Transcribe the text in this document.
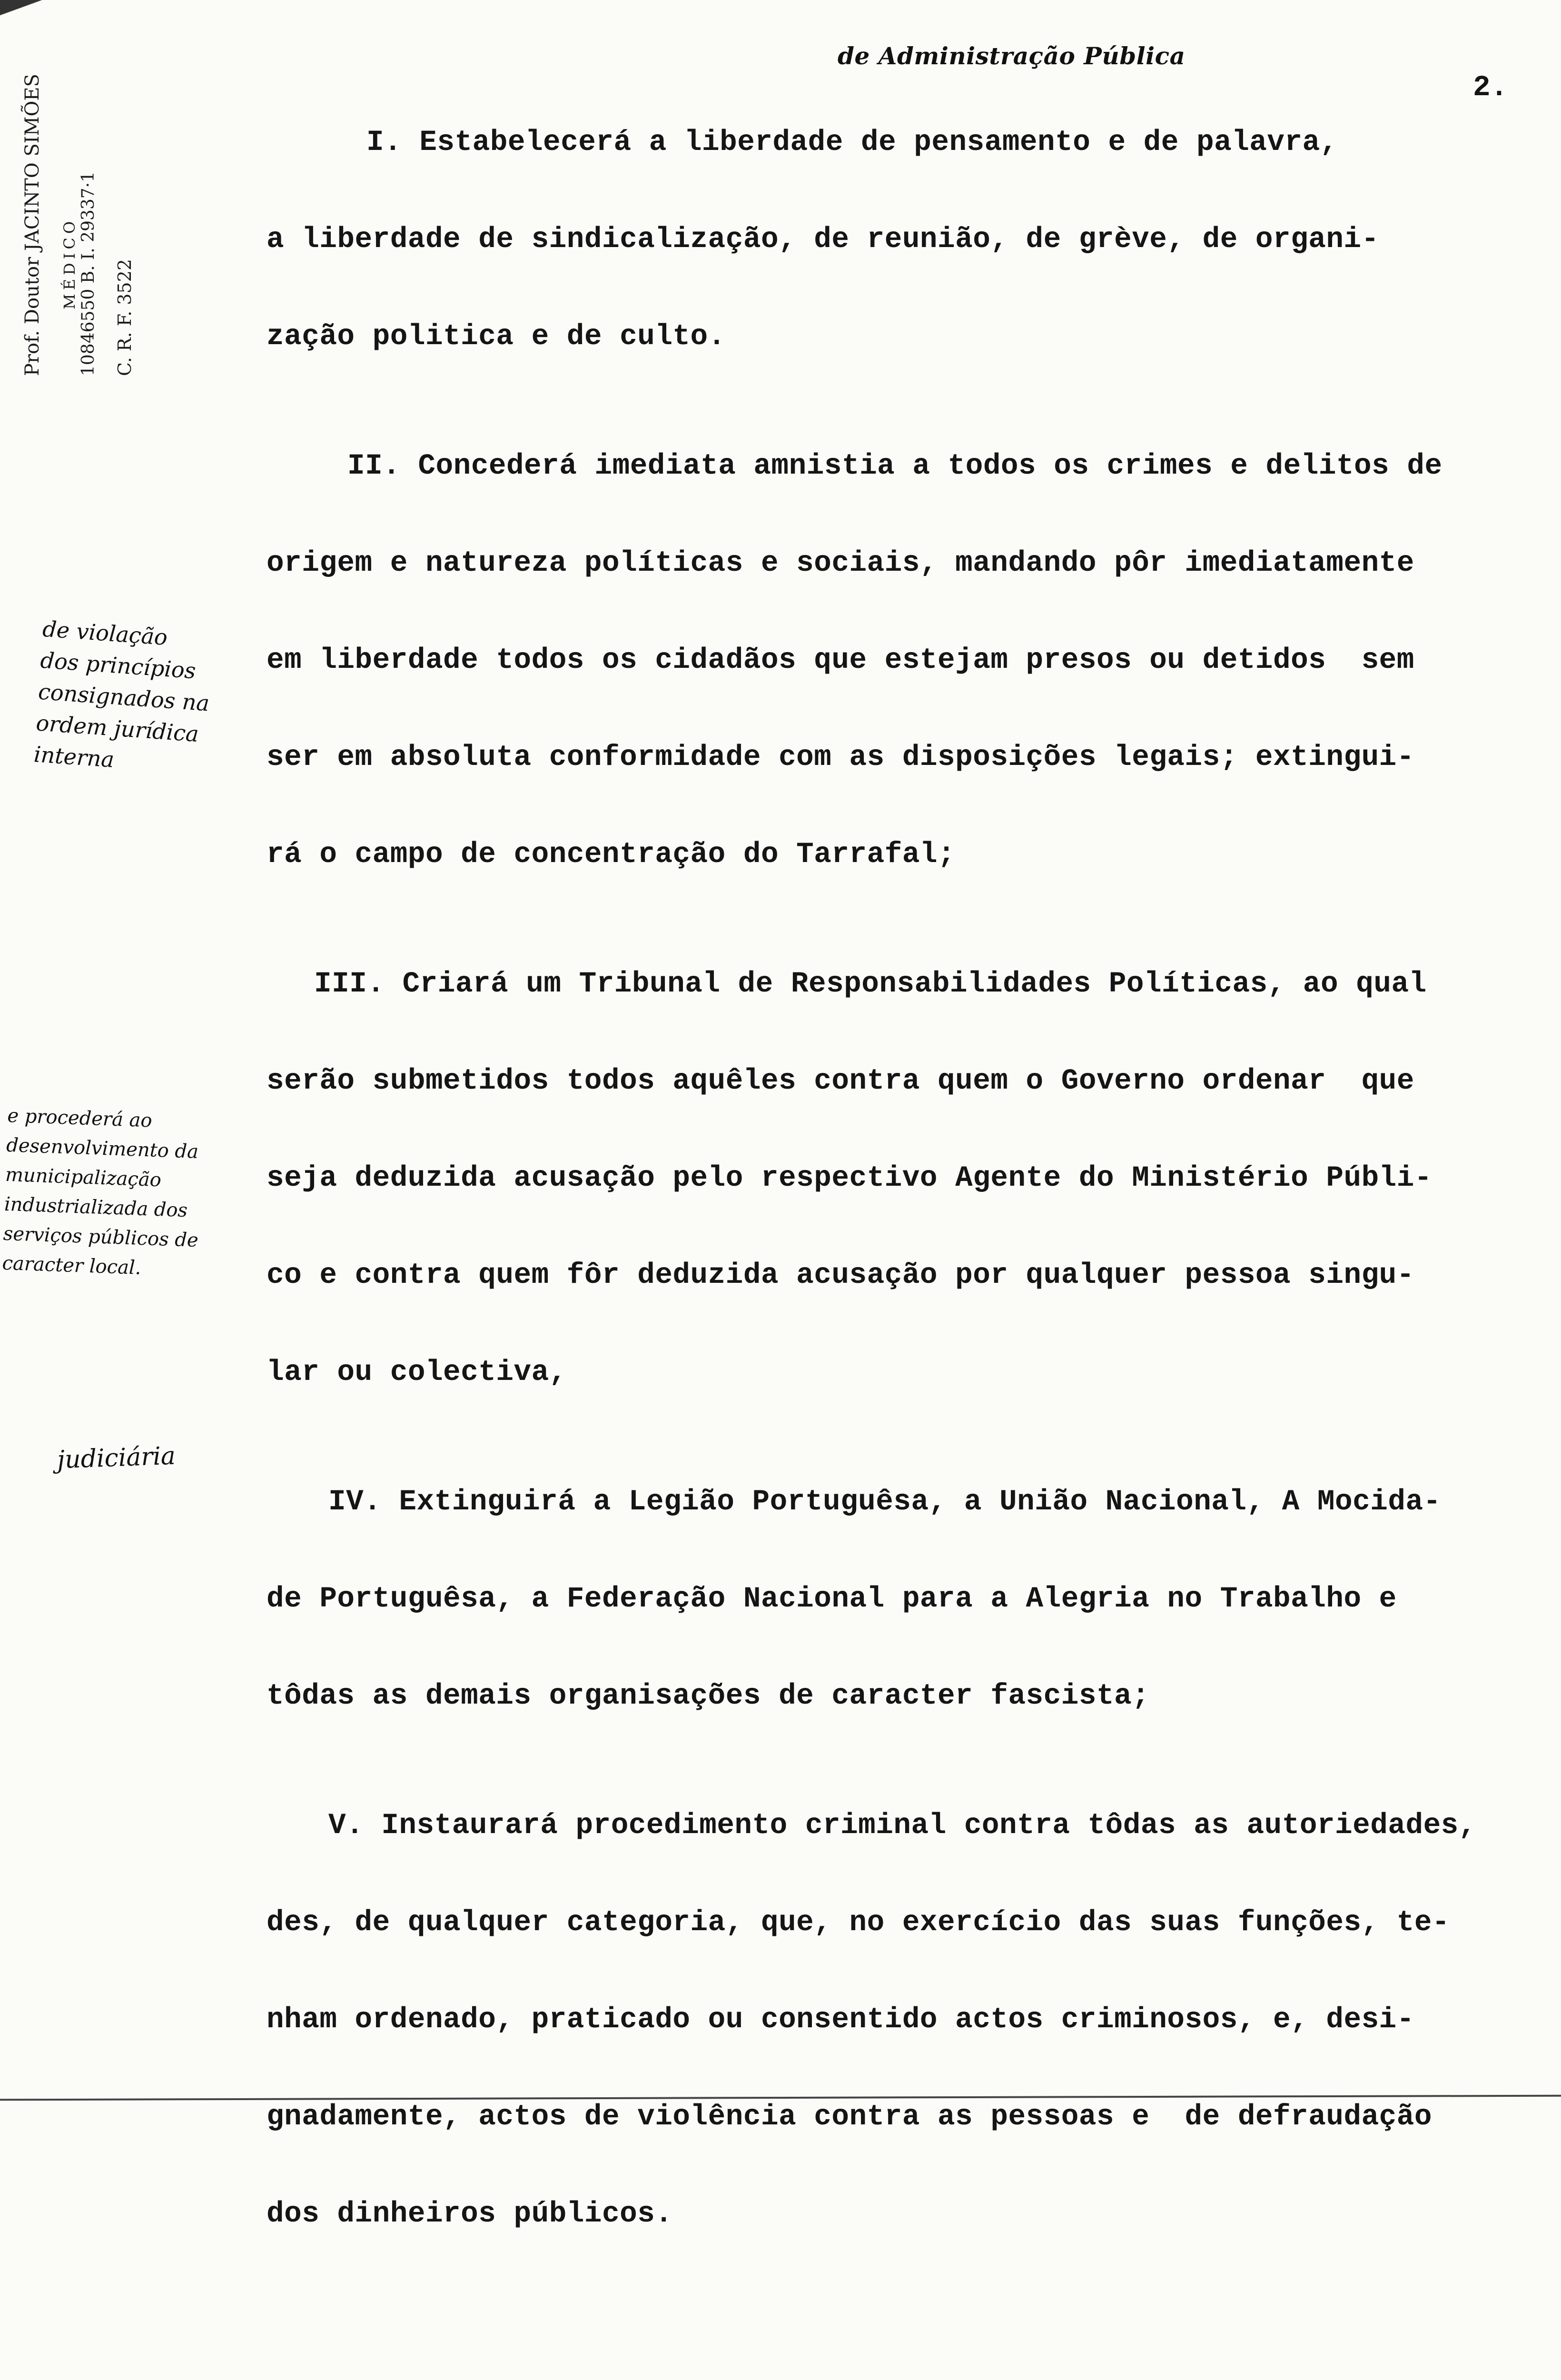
Prof. Doutor JACINTO SIMÕES MÉDICO 10846550 B. I. 29337·1 C. R. F. 3522
2.
de violação
dos princípios
consignados na
ordem jurídica
interna
e procederá ao
desenvolvimento da
municipalização
industrializada dos
serviços públicos de
caracter local.
judiciária

I. Estabelecerá a liberdade de pensamento e de palavra,

a liberdade de sindicalização, de reunião, de grève, de organi-

zação politica e de culto.

II. Concederá imediata amnistia a todos os crimes e delitos de

origem e natureza políticas e sociais, mandando pôr imediatamente

em liberdade todos os cidadãos que estejam presos ou detidos  sem

ser em absoluta conformidade com as disposições legais; extingui-

rá o campo de concentração do Tarrafal;

III. Criará um Tribunal de Responsabilidades Políticas, ao qual

serão submetidos todos aquêles contra quem o Governo ordenar  que

seja deduzida acusação pelo respectivo Agente do Ministério Públi-

co e contra quem fôr deduzida acusação por qualquer pessoa singu-

lar ou colectiva,

IV. Extinguirá a Legião Portuguêsa, a União Nacional, A Mocida-

de Portuguêsa, a Federação Nacional para a Alegria no Trabalho e

tôdas as demais organisações de caracter fascista;

V. Instaurará procedimento criminal contra tôdas as autoriedades,

des, de qualquer categoria, que, no exercício das suas funções, te-

nham ordenado, praticado ou consentido actos criminosos, e, desi-

gnadamente, actos de violência contra as pessoas e  de defraudação

dos dinheiros públicos.

de Administração Pública
